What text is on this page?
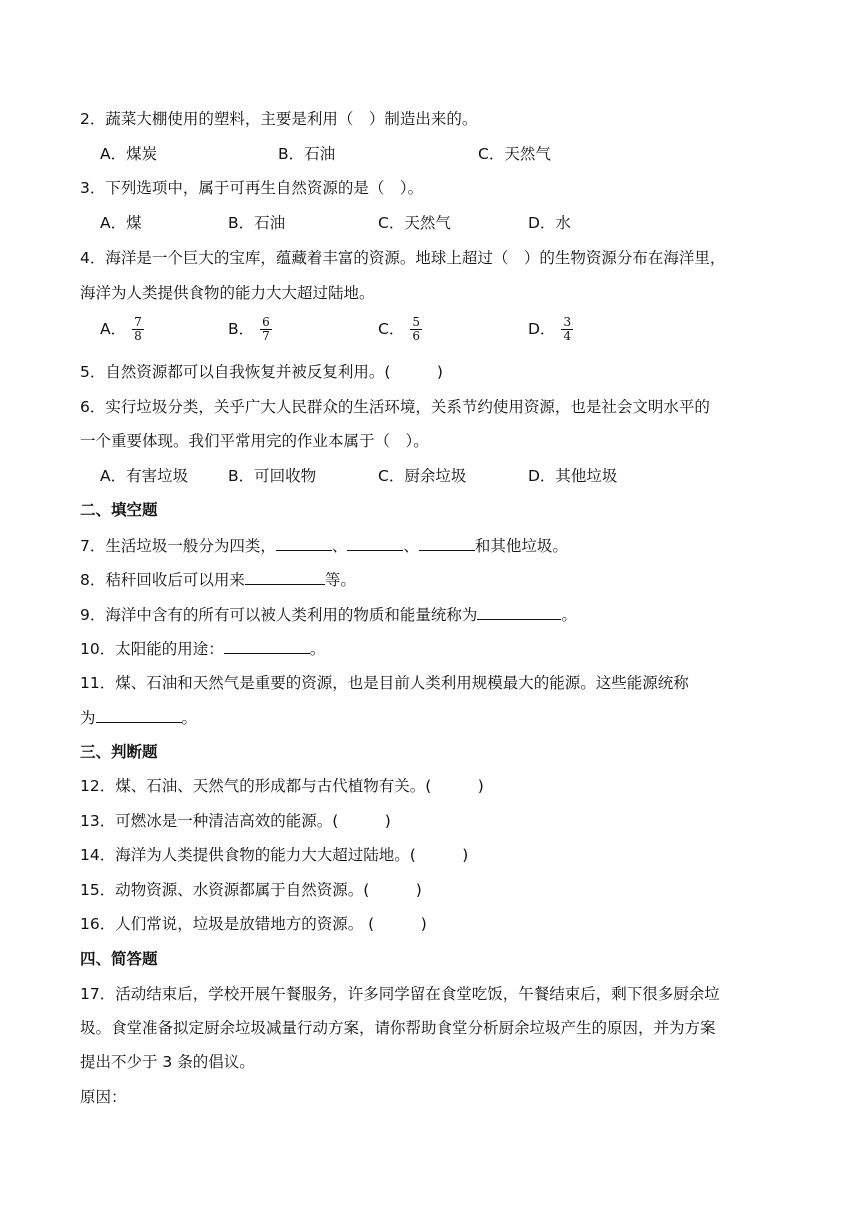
2．蔬菜大棚使用的塑料，主要是利用（　）制造出来的。
A．煤炭	B．石油	C．天然气
3．下列选项中，属于可再生自然资源的是（　）。
A．煤	B．石油	C．天然气	D．水
4．海洋是一个巨大的宝库，蕴藏着丰富的资源。地球上超过（　）的生物资源分布在海洋里，
海洋为人类提供食物的能力大大超过陆地。
A． $\frac{7}{8}$	B． $\frac{6}{7}$	C． $\frac{5}{6}$	D． $\frac{3}{4}$
5．自然资源都可以自我恢复并被反复利用。(　　　)
6．实行垃圾分类，关乎广大人民群众的生活环境，关系节约使用资源，也是社会文明水平的
一个重要体现。我们平常用完的作业本属于（　）。
A．有害垃圾	B．可回收物	C．厨余垃圾	D．其他垃圾
二、填空题
7．生活垃圾一般分为四类，	、	、	和其他垃圾。
8．秸秆回收后可以用来	等。
9．海洋中含有的所有可以被人类利用的物质和能量统称为	。
10．太阳能的用途：	。
11．煤、石油和天然气是重要的资源，也是目前人类利用规模最大的能源。这些能源统称
为	。
三、判断题
12．煤、石油、天然气的形成都与古代植物有关。(　　　)
13．可燃冰是一种清洁高效的能源。(　　　)
14．海洋为人类提供食物的能力大大超过陆地。(　　　)
15．动物资源、水资源都属于自然资源。(　　　)
16．人们常说，垃圾是放错地方的资源。 (　　　)
四、简答题
17．活动结束后，学校开展午餐服务，许多同学留在食堂吃饭，午餐结束后，剩下很多厨余垃
圾。食堂准备拟定厨余垃圾减量行动方案，请你帮助食堂分析厨余垃圾产生的原因，并为方案
提出不少于 3 条的倡议。
原因：
